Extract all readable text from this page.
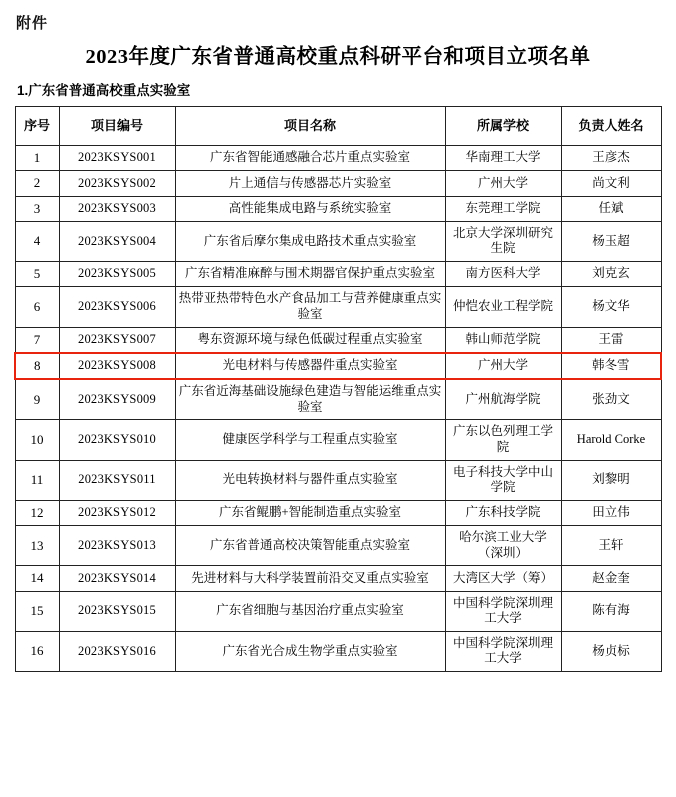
附件
2023年度广东省普通高校重点科研平台和项目立项名单
1.广东省普通高校重点实验室
序号	项目编号	项目名称	所属学校	负责人姓名
1	2023KSYS001	广东省智能通感融合芯片重点实验室	华南理工大学	王彦杰
2	2023KSYS002	片上通信与传感器芯片实验室	广州大学	尚文利
3	2023KSYS003	高性能集成电路与系统实验室	东莞理工学院	任斌
4	2023KSYS004	广东省后摩尔集成电路技术重点实验室	北京大学深圳研究生院	杨玉超
5	2023KSYS005	广东省精准麻醉与围术期器官保护重点实验室	南方医科大学	刘克玄
6	2023KSYS006	热带亚热带特色水产食品加工与营养健康重点实验室	仲恺农业工程学院	杨文华
7	2023KSYS007	粤东资源环境与绿色低碳过程重点实验室	韩山师范学院	王雷
8	2023KSYS008	光电材料与传感器件重点实验室	广州大学	韩冬雪
9	2023KSYS009	广东省近海基础设施绿色建造与智能运维重点实验室	广州航海学院	张劲文
10	2023KSYS010	健康医学科学与工程重点实验室	广东以色列理工学院	Harold Corke
11	2023KSYS011	光电转换材料与器件重点实验室	电子科技大学中山学院	刘黎明
12	2023KSYS012	广东省鲲鹏+智能制造重点实验室	广东科技学院	田立伟
13	2023KSYS013	广东省普通高校决策智能重点实验室	哈尔滨工业大学（深圳）	王轩
14	2023KSYS014	先进材料与大科学装置前沿交叉重点实验室	大湾区大学（筹）	赵金奎
15	2023KSYS015	广东省细胞与基因治疗重点实验室	中国科学院深圳理工大学	陈有海
16	2023KSYS016	广东省光合成生物学重点实验室	中国科学院深圳理工大学	杨贞标
